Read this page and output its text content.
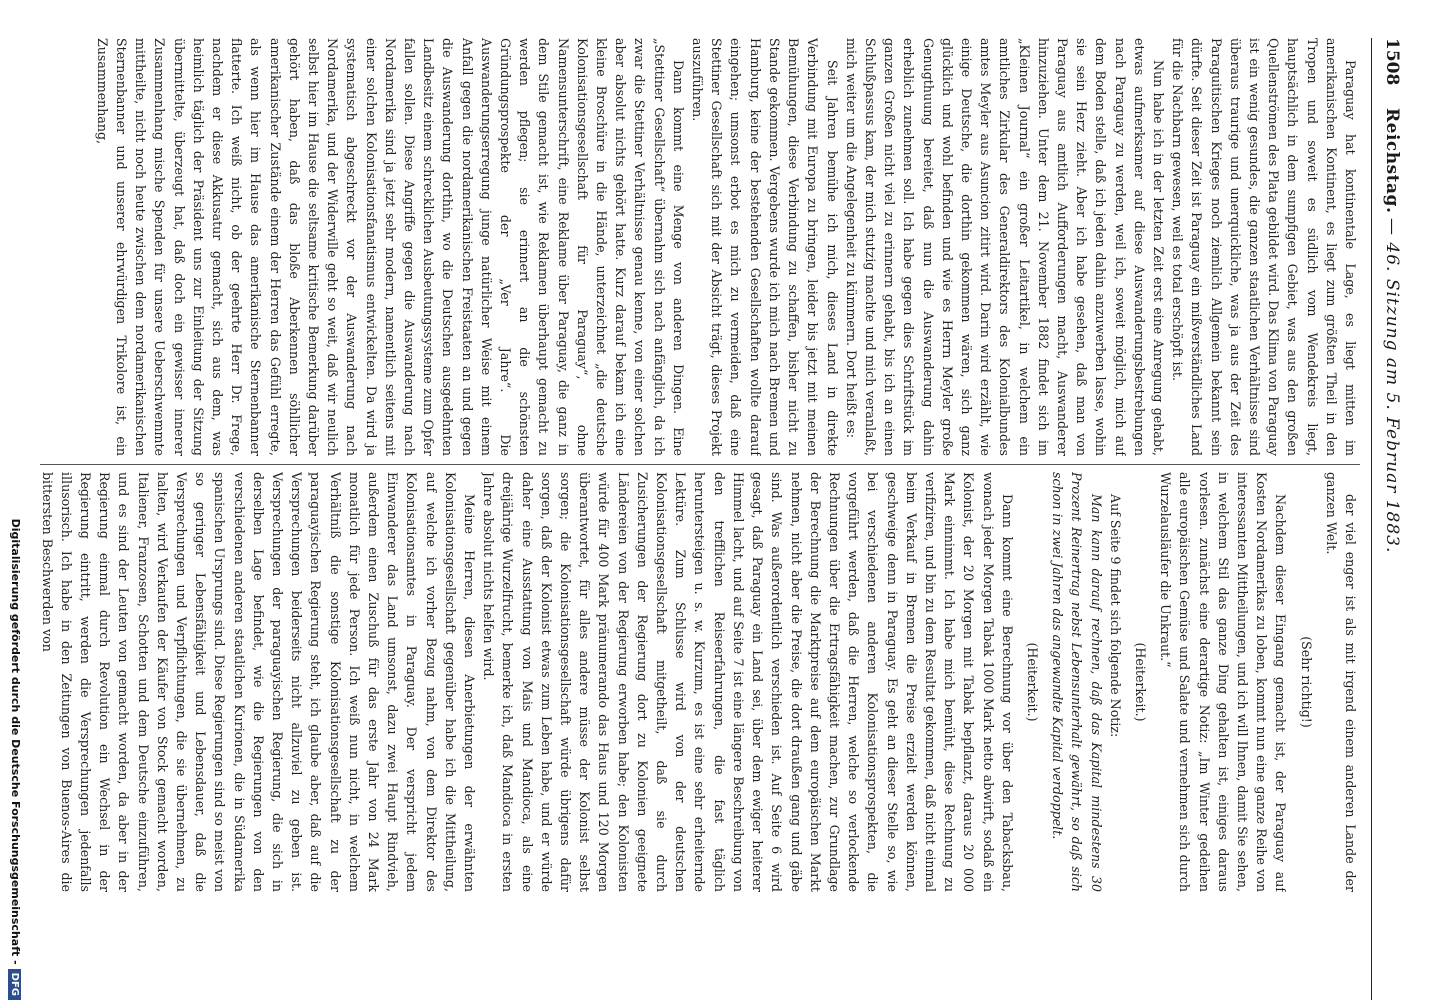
1508
Reichstag.
— 46. Sitzung am 5. Februar 1883.

Paraguay hat kontinentale Lage, es liegt mitten im amerikanischen Kontinent, es liegt zum größten Theil in den Tropen und soweit es südlich vom Wendekreis liegt, hauptsächlich in dem sumpfigen Gebiet, was aus den großen Quellenströmen des Plata gebildet wird. Das Klima von Paraguay ist ein wenig gesundes, die ganzen staatlichen Verhältnisse sind überaus traurige und unerquickliche, was ja aus der Zeit des Paraguitischen Krieges noch ziemlich Allgemein bekannt sein dürfte. Seit dieser Zeit ist Paraguay ein mißverständliches Land für die Nachbarn gewesen, weil es total erschöpft ist.

Nun habe ich in der letzten Zeit erst eine Anregung gehabt, etwas aufmerksamer auf diese Auswanderungsbestrebungen nach Paraguay zu werden, weil ich, soweit möglich, mich auf dem Boden stelle, daß ich jeden dahin anzuwerben lasse, wohin sie sein Herz zieht. Aber ich habe gesehen, daß man von Paraguay aus amtlich Aufforderungen macht, Auswanderer hinzuziehen. Unter dem 21. November 1882 findet sich im „Kleinen Journal“ ein großer Leitartikel, in welchem ein amtliches Zirkular des Generaldirektors des Kolonialbundes amtes Meyler aus Asuncion zitirt wird. Darin wird erzählt, wie einige Deutsche, die dorthin gekommen wären, sich ganz glücklich und wohl befinden und wie es Herrn Meyler große Genugthuung bereitet, daß nun die Auswanderung dahin erheblich zunehmen soll. Ich habe gegen dies Schriftstück im ganzen Großen nicht viel zu erinnern gehabt, bis ich an einen Schlußpassus kam, der mich stutzig machte und mich veranlaßt, mich weiter um die Angelegenheit zu kümmern. Dort heißt es:

Seit Jahren bemühe ich mich, dieses Land in direkte Verbindung mit Europa zu bringen, leider bis jetzt mit meinen Bemühungen, diese Verbindung zu schaffen, bisher nicht zu Stande gekommen. Vergebens wurde ich mich nach Bremen und Hamburg, keine der bestehenden Gesellschaften wollte darauf eingehen; umsonst erbot es mich zu vermeiden, daß eine Stettiner Gesellschaft sich mit der Absicht trägt, dieses Projekt auszuführen.

Dann kommt eine Menge von anderen Dingen. Eine „Stettiner Gesellschaft“ übernahm sich nach anfänglich, da ich zwar die Stettiner Verhältnisse genau kenne, von einer solchen aber absolut nichts gehört hatte. Kurz darauf bekam ich eine kleine Broschüre in die Hände, unterzeichnet „die deutsche Kolonisationsgesellschaft für Paraguay“, ohne Namensunterschrift, eine Reklame über Paraguay, die ganz in dem Stile gemacht ist, wie Reklamen überhaupt gemacht zu werden pflegen; sie erinnert an die schönsten Gründungsprospekte der „Ver Jahre“. Die Auswanderungserregung junge natürlicher Weise mit einem Anfall gegen die nordamerikanischen Freistaaten an und gegen die Auswanderung dorthin, wo die Deutschen ausgedehnten Landbesitz einem schrecklichen Ausbeutungssysteme zum Opfer fallen sollen. Diese Angriffe gegen die Auswanderung nach Nordamerika sind ja jetzt sehr modern, namentlich seitens mit einer solchen Kolonisationsfanatismus entwickelten. Da wird ja systematisch abgeschreckt vor der Auswanderung nach Nordamerika, und der Widerwille geht so weit, daß wir neulich selbst hier im Hause die seltsame kritische Bemerkung darüber gehört haben, daß das bloße Aberkennen söhllicher amerikanischer Zustände einem der Herren das Gefühl erregte, als wenn hier im Hause das amerikanische Sternenbanner flatterte. Ich weiß nicht, ob der geehrte Herr Dr. Frege, nachdem er diese Akkusatur gemacht, sich aus dem, was heimlich täglich der Präsident uns zur Einleitung der Sitzung übermittelte, überzeugt hat, daß doch ein gewisser innerer Zusammenhang mische Spenden für unsere Ueberschwemmte mittheilte, nicht noch heute zwischen dem nordamerikanischen Sternenbanner und unserer ehrwürdigen Trikolore ist, ein Zusammenhang,

der viel enger ist als mit irgend einem anderen Lande der ganzen Welt.

(Sehr richtig!)

Nachdem dieser Eingang gemacht ist, der Paraguay auf Kosten Nordamerikas zu loben, kommt nun eine ganze Reihe von interessanten Mittheilungen, und ich will Ihnen, damit Sie sehen, in welchem Stil das ganze Ding gehalten ist, einiges daraus vorlesen. zunächst eine derartige Notiz: „Im Winter gedeihen alle europäischen Gemüse und Salate und vernehmen sich durch Wurzelausläufer die Unkraut.“

(Heiterkeit.)

Auf Seite 9 findet sich folgende Notiz:

Man kann darauf rechnen, daß das Kapital mindestens 30 Prozent Reinertrag nebst Lebensunterhalt gewährt, so daß sich schon in zwei Jahren das angewandte Kapital verdoppelt.

(Heiterkeit.)

Dann kommt eine Berechnung vor über den Tabacksbau, wonach jeder Morgen Tabak 1000 Mark netto abwirft, sodaß ein Kolonist, der 20 Morgen mit Tabak bepflanzt, daraus 20 000 Mark einnimmt. Ich habe mich bemüht, diese Rechnung zu verifiziren, und bin zu dem Resultat gekommen, daß nicht einmal beim Verkauf in Bremen die Preise erzielt werden können, geschweige denn in Paraguay. Es geht an dieser Stelle so, wie bei verschiedenen anderen Kolonisationsprospekten, die vorgeführt werden, daß die Herren, welche so verlockende Rechnungen über die Ertragsfähigkeit machen, zur Grundlage der Berechnung die Marktpreise auf dem europäischen Markt nehmen, nicht aber die Preise, die dort draußen gang und gäbe sind. Was außerordentlich verschieden ist. Auf Seite 6 wird gesagt, daß Paraguay ein Land sei, über dem ewiger heiterer Himmel lacht, und auf Seite 7 ist eine längere Beschreibung von den trefflichen Reiseerfahrungen, die fast täglich heruntersteigen u. s. w. Kurzum, es ist eine sehr erheiternde Lektüre. Zum Schlusse wird von der deutschen Kolonisationsgesellschaft mitgetheilt, daß sie durch Zusicherungen der Regierung dort zu Kolonien geeignete Ländereien von der Regierung erworben habe; den Kolonisten würde für 400 Mark pränumerando das Haus und 120 Morgen überantwortet, für alles andere müsse der Kolonist selbst sorgen; die Kolonisationsgesellschaft würde übrigens dafür sorgen, daß der Kolonist etwas zum Leben habe, und er würde daher eine Ausstattung von Mais und Mandioca, als eine dreijährige Wurzelfrucht, bemerke ich, daß Mandioca in ersten Jahre absolut nichts helfen wird.

Meine Herren, diesen Anerbietungen der erwähnten Kolonisationsgesellschaft gegenüber habe ich die Mittheilung, auf welche ich vorher Bezug nahm, von dem Direktor des Kolonisationsamtes in Paraguay. Der verspricht jedem Einwanderer das Land umsonst, dazu zwei Haupt Rindvieh, außerdem einen Zuschuß für das erste Jahr von 24 Mark monatlich für jede Person. Ich weiß nun nicht, in welchem Verhältniß die sonstige Kolonisationsgesellschaft zu der paraguayischen Regierung steht, ich glaube aber, daß auf die Versprechungen beiderseits nicht allzuviel zu geben ist. Versprechungen der paraguayischen Regierung, die sich in derselben Lage befindet, wie die Regierungen von den verschiedenen anderen staatlichen Kurionen, die in Südamerika spanischen Ursprungs sind. Diese Regierungen sind so meist von so geringer Lebensfähigkeit und Lebensdauer, daß die Versprechungen und Verpflichtungen, die sie übernehmen, zu halten, wird Verkaufen der Käufer von Stock gemacht worden, Italiener, Franzosen, Schotten und dem Deutsche einzuführen, und es sind der Leuten von gemacht worden, da aber in der Regierung einmal durch Revolution ein Wechsel in der Regierung eintritt, werden die Versprechungen jedenfalls illusorisch. Ich habe in den Zeitungen von Buenos-Aires die bittersten Beschwerden von

Digitalisierung gefördert durch die Deutsche Forschungsgemeinschaft -DFG
